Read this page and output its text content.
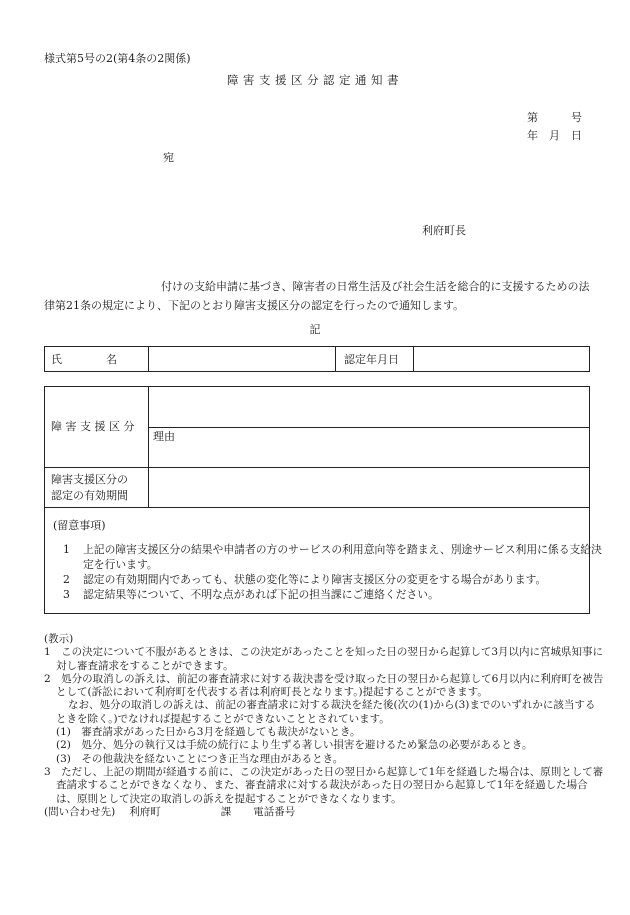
様式第5号の2(第4条の2関係)
障害支援区分認定通知書
第　　　号
年　月　日
宛
利府町長
付けの支給申請に基づき、障害者の日常生活及び社会生活を総合的に支援するための法律第21条の規定により、下記のとおり障害支援区分の認定を行ったので通知します。
記
氏　　　　名	認定年月日
障 害 支 援 区 分
理由
障害支援区分の
認定の有効期間
(留意事項)
1 上記の障害支援区分の結果や申請者の方のサービスの利用意向等を踏まえ、別途サービス利用に係る支給決定を行います。
2 認定の有効期間内であっても、状態の変化等により障害支援区分の変更をする場合があります。
3 認定結果等について、不明な点があれば下記の担当課にご連絡ください。

(教示)

1　この決定について不服があるときは、この決定があったことを知った日の翌日から起算して3月以内に宮城県知事に対し審査請求をすることができます。

2　処分の取消しの訴えは、前記の審査請求に対する裁決書を受け取った日の翌日から起算して6月以内に利府町を被告として(訴訟において利府町を代表する者は利府町長となります。)提起することができます。

なお、処分の取消しの訴えは、前記の審査請求に対する裁決を経た後(次の(1)から(3)までのいずれかに該当するときを除く。)でなければ提起することができないこととされています。

(1)　審査請求があった日から3月を経過しても裁決がないとき。

(2)　処分、処分の執行又は手続の続行により生ずる著しい損害を避けるため緊急の必要があるとき。

(3)　その他裁決を経ないことにつき正当な理由があるとき。

3　ただし、上記の期間が経過する前に、この決定があった日の翌日から起算して1年を経過した場合は、原則として審査請求することができなくなり、また、審査請求に対する裁決があった日の翌日から起算して1年を経過した場合は、原則として決定の取消しの訴えを提起することができなくなります。

(問い合わせ先) 利府町	課 電話番号
